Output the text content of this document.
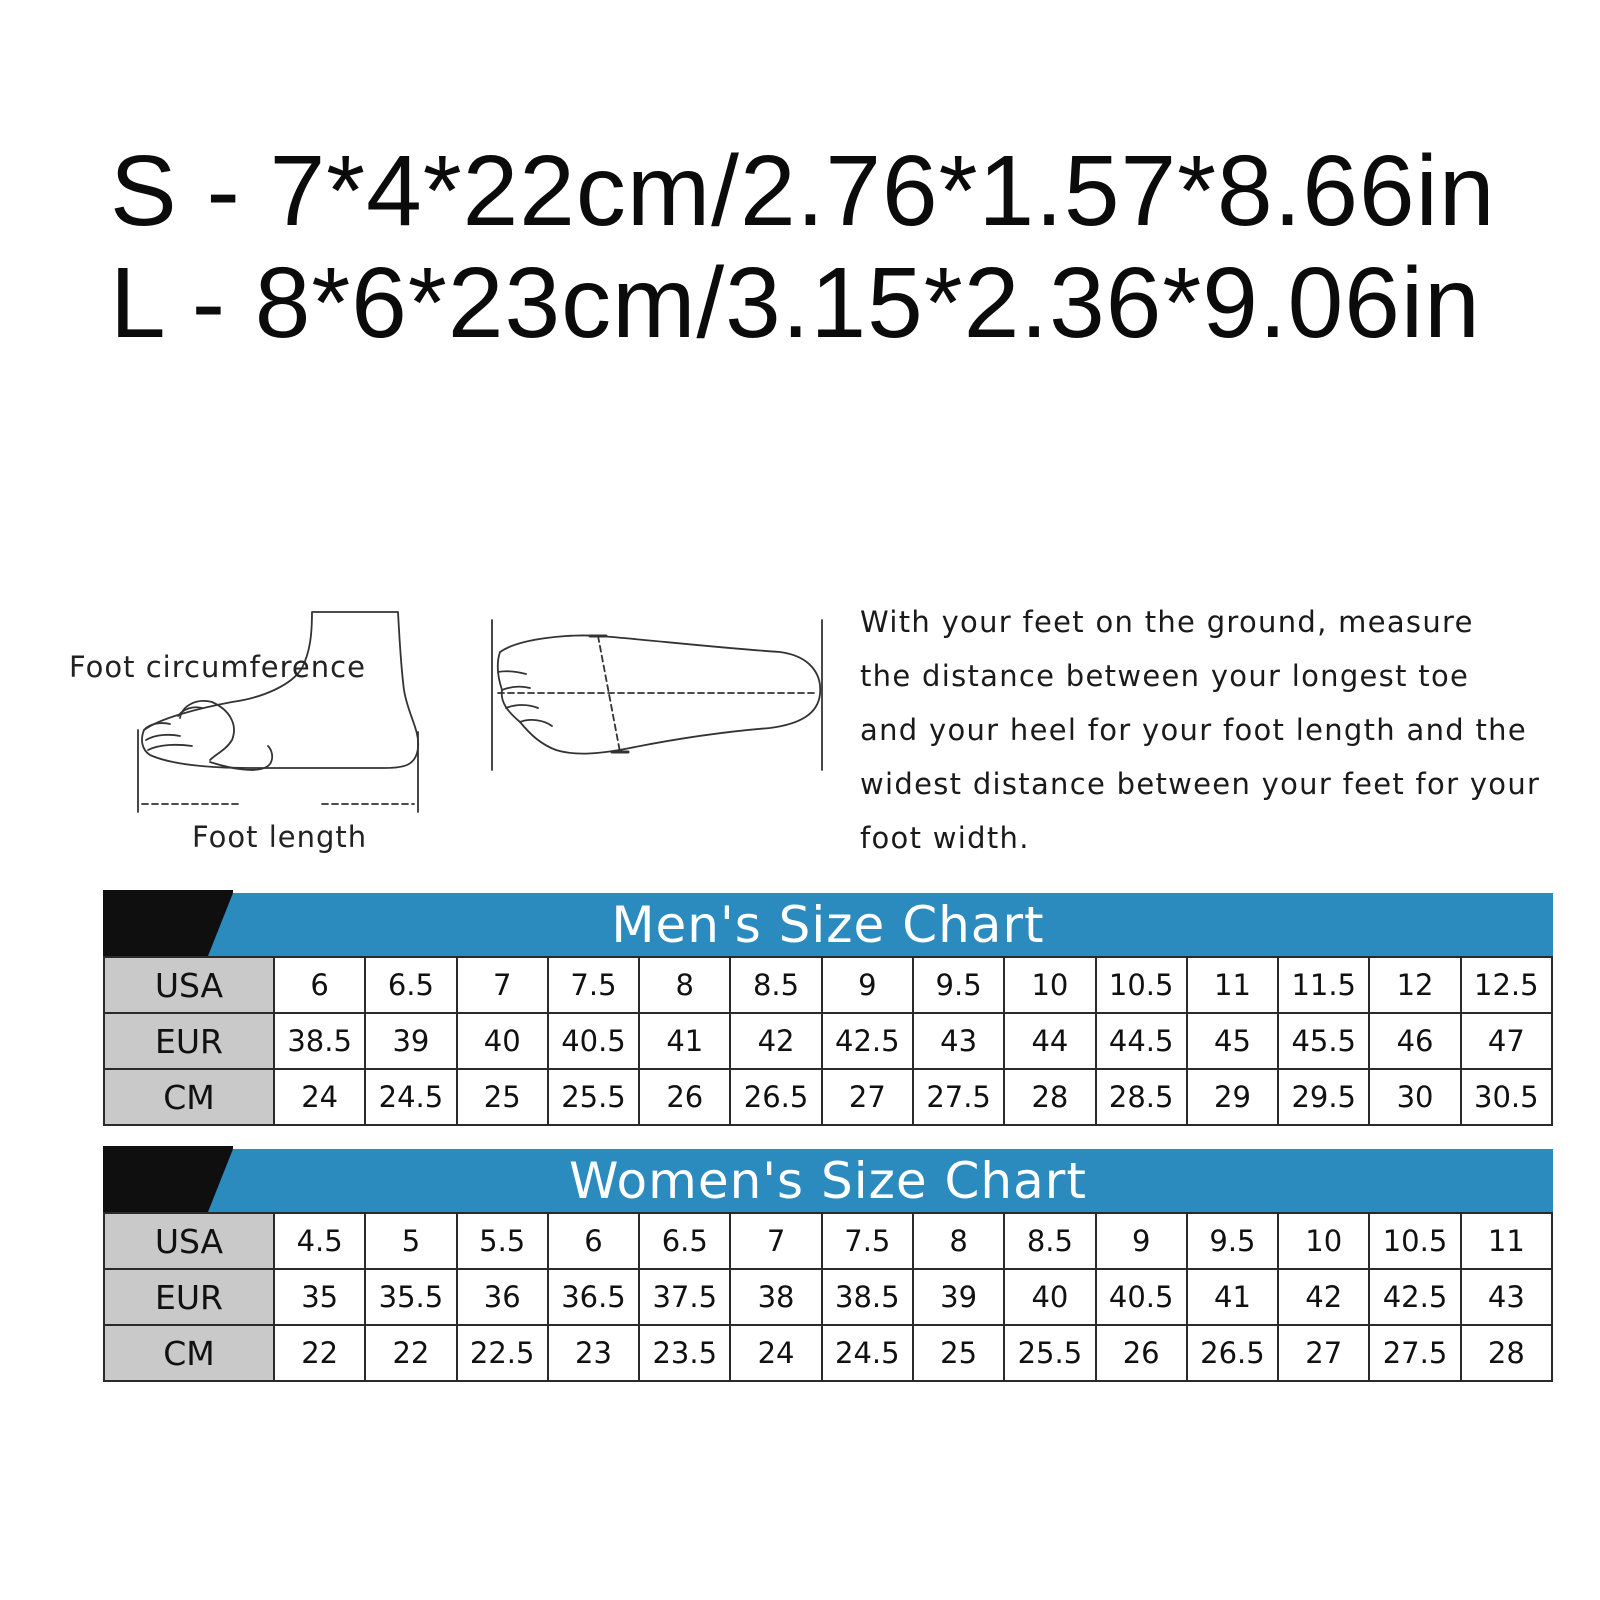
S - 7*4*22cm/2.76*1.57*8.66in
L - 8*6*23cm/3.15*2.36*9.06in
Foot circumference
Foot length
With your feet on the ground, measure
the distance between your longest toe
and your heel for your foot length and the
widest distance between your feet for your
foot width.
Men's Size Chart
USA	6	6.5	7	7.5	8	8.5	9	9.5	10	10.5	11	11.5	12	12.5
EUR	38.5	39	40	40.5	41	42	42.5	43	44	44.5	45	45.5	46	47
CM	24	24.5	25	25.5	26	26.5	27	27.5	28	28.5	29	29.5	30	30.5
Women's Size Chart
USA	4.5	5	5.5	6	6.5	7	7.5	8	8.5	9	9.5	10	10.5	11
EUR	35	35.5	36	36.5	37.5	38	38.5	39	40	40.5	41	42	42.5	43
CM	22	22	22.5	23	23.5	24	24.5	25	25.5	26	26.5	27	27.5	28
